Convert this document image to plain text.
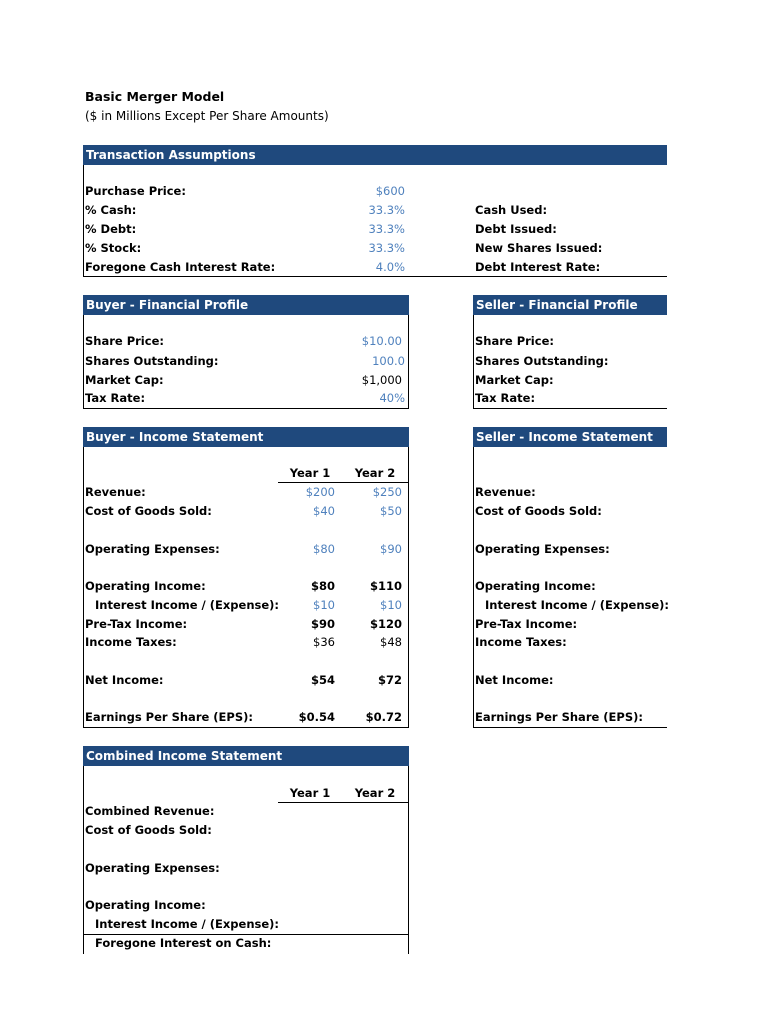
Basic Merger Model
($ in Millions Except Per Share Amounts)
Transaction Assumptions
Purchase Price:	$600
% Cash:	33.3%	Cash Used:
% Debt:	33.3%	Debt Issued:
% Stock:	33.3%	New Shares Issued:
Foregone Cash Interest Rate:	4.0%	Debt Interest Rate:
Buyer - Financial Profile
Share Price:	$10.00
Shares Outstanding:	100.0
Market Cap:	$1,000
Tax Rate:	40%
Seller - Financial Profile
Share Price:
Shares Outstanding:
Market Cap:
Tax Rate:
Buyer - Income Statement
Year 1	Year 2
Revenue:	$200	$250
Cost of Goods Sold:	$40	$50
Operating Expenses:	$80	$90
Operating Income:	$80	$110
Interest Income / (Expense):	$10	$10
Pre-Tax Income:	$90	$120
Income Taxes:	$36	$48
Net Income:	$54	$72
Earnings Per Share (EPS):	$0.54	$0.72
Seller - Income Statement
Revenue:
Cost of Goods Sold:
Operating Expenses:
Operating Income:
Interest Income / (Expense):
Pre-Tax Income:
Income Taxes:
Net Income:
Earnings Per Share (EPS):
Combined Income Statement
Year 1	Year 2
Combined Revenue:
Cost of Goods Sold:
Operating Expenses:
Operating Income:
Interest Income / (Expense):
Foregone Interest on Cash:
